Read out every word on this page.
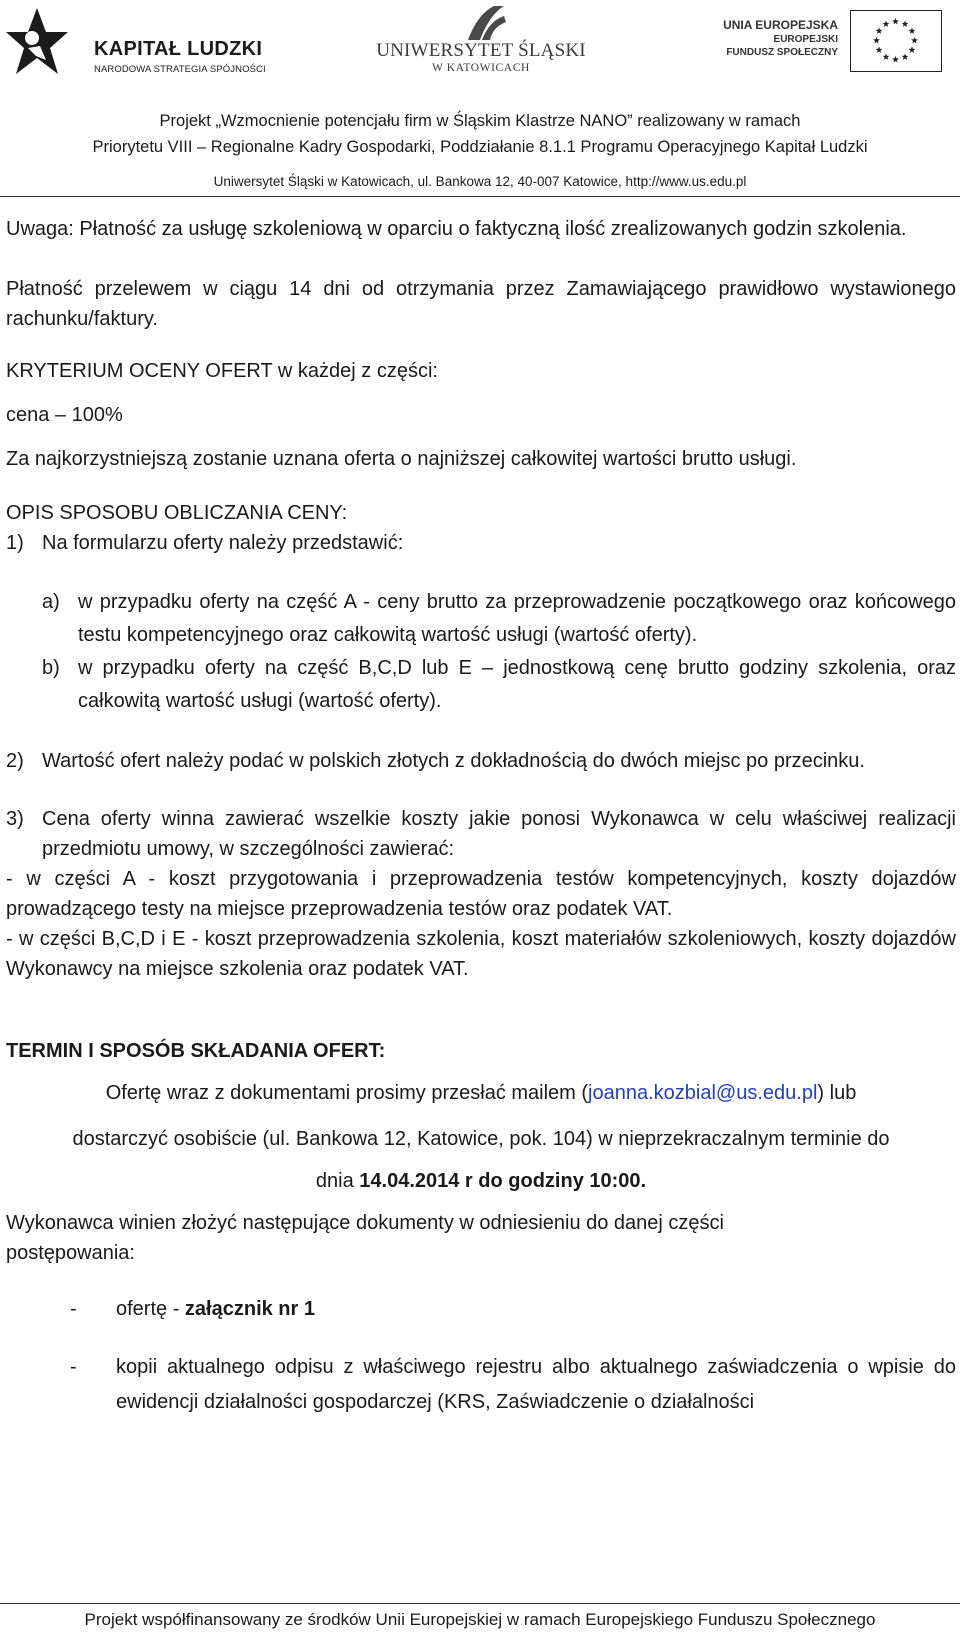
KAPITAŁ LUDZKI
NARODOWA STRATEGIA SPÓJNOŚCI
UNIWERSYTET ŚLĄSKI
W KATOWICACH
UNIA EUROPEJSKA
EUROPEJSKI
FUNDUSZ SPOŁECZNY
Projekt „Wzmocnienie potencjału firm w Śląskim Klastrze NANO” realizowany w ramach
Priorytetu VIII – Regionalne Kadry Gospodarki, Poddziałanie 8.1.1 Programu Operacyjnego Kapitał Ludzki
Uniwersytet Śląski w Katowicach, ul. Bankowa 12, 40-007 Katowice, http://www.us.edu.pl

Uwaga: Płatność za usługę szkoleniową w oparciu o faktyczną ilość zrealizowanych godzin szkolenia.

Płatność przelewem w ciągu 14 dni od otrzymania przez Zamawiającego prawidłowo wystawionego rachunku/faktury.

KRYTERIUM OCENY OFERT w każdej z części:

cena – 100%

Za najkorzystniejszą zostanie uznana oferta o najniższej całkowitej wartości brutto usługi.

OPIS SPOSOBU OBLICZANIA CENY:

1) Na formularzu oferty należy przedstawić:
a) w przypadku oferty na część A - ceny brutto za przeprowadzenie początkowego oraz końcowego testu kompetencyjnego oraz całkowitą wartość usługi (wartość oferty).
b) w przypadku oferty na część B,C,D lub E – jednostkową cenę brutto godziny szkolenia, oraz całkowitą wartość usługi (wartość oferty).
2) Wartość ofert należy podać w polskich złotych z dokładnością do dwóch miejsc po przecinku.
3) Cena oferty winna zawierać wszelkie koszty jakie ponosi Wykonawca w celu właściwej realizacji przedmiotu umowy, w szczególności zawierać:

- w części A - koszt przygotowania i przeprowadzenia testów kompetencyjnych, koszty dojazdów prowadzącego testy na miejsce przeprowadzenia testów oraz podatek VAT.

- w części B,C,D i E - koszt przeprowadzenia szkolenia, koszt materiałów szkoleniowych, koszty dojazdów Wykonawcy na miejsce szkolenia oraz podatek VAT.

TERMIN I SPOSÓB SKŁADANIA OFERT:

Ofertę wraz z dokumentami prosimy przesłać mailem (joanna.kozbial@us.edu.pl) lub

dostarczyć osobiście (ul. Bankowa 12, Katowice, pok. 104) w nieprzekraczalnym terminie do

dnia 14.04.2014 r do godziny 10:00.

Wykonawca winien złożyć następujące dokumenty w odniesieniu do danej części postępowania:

-	ofertę - załącznik nr 1
-	kopii aktualnego odpisu z właściwego rejestru albo aktualnego zaświadczenia o wpisie do ewidencji działalności gospodarczej (KRS, Zaświadczenie o działalności
Projekt współfinansowany ze środków Unii Europejskiej w ramach Europejskiego Funduszu Społecznego
